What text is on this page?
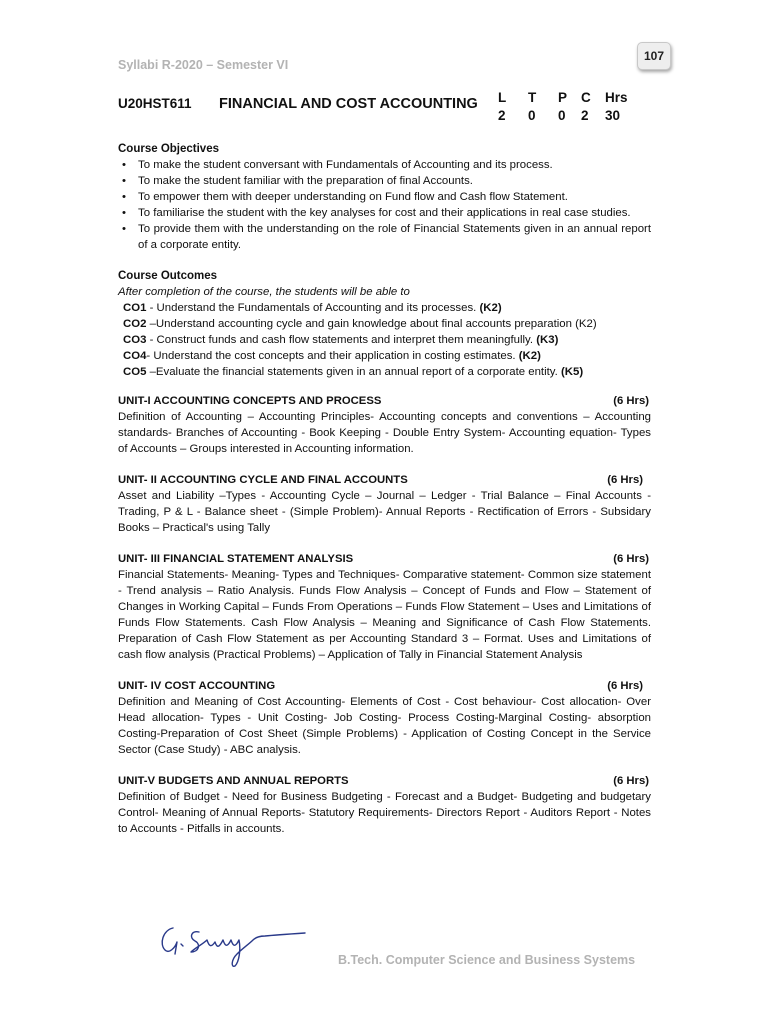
107
Syllabi R-2020 – Semester VI
U20HST611 FINANCIAL AND COST ACCOUNTING L	T	P	C	Hrs
2	0	0	2	30
Course Objectives
• To make the student conversant with Fundamentals of Accounting and its process.
• To make the student familiar with the preparation of final Accounts.
• To empower them with deeper understanding on Fund flow and Cash flow Statement.
• To familiarise the student with the key analyses for cost and their applications in real case studies.
• To provide them with the understanding on the role of Financial Statements given in an annual report of a corporate entity.
Course Outcomes
After completion of the course, the students will be able to
CO1 - Understand the Fundamentals of Accounting and its processes. (K2)
CO2 –Understand accounting cycle and gain knowledge about final accounts preparation (K2)
CO3 - Construct funds and cash flow statements and interpret them meaningfully. (K3)
CO4- Understand the cost concepts and their application in costing estimates. (K2)
CO5 –Evaluate the financial statements given in an annual report of a corporate entity. (K5)
UNIT-I ACCOUNTING CONCEPTS AND PROCESS	(6 Hrs)
Definition of Accounting – Accounting Principles- Accounting concepts and conventions – Accounting standards- Branches of Accounting - Book Keeping - Double Entry System- Accounting equation- Types of Accounts – Groups interested in Accounting information.
UNIT- II ACCOUNTING CYCLE AND FINAL ACCOUNTS	(6 Hrs)
Asset and Liability –Types - Accounting Cycle – Journal – Ledger - Trial Balance – Final Accounts - Trading, P & L - Balance sheet - (Simple Problem)- Annual Reports - Rectification of Errors - Subsidary Books – Practical's using Tally
UNIT- III FINANCIAL STATEMENT ANALYSIS	(6 Hrs)
Financial Statements- Meaning- Types and Techniques- Comparative statement- Common size statement - Trend analysis – Ratio Analysis. Funds Flow Analysis – Concept of Funds and Flow – Statement of Changes in Working Capital – Funds From Operations – Funds Flow Statement – Uses and Limitations of Funds Flow Statements. Cash Flow Analysis – Meaning and Significance of Cash Flow Statements. Preparation of Cash Flow Statement as per Accounting Standard 3 – Format. Uses and Limitations of cash flow analysis (Practical Problems) – Application of Tally in Financial Statement Analysis
UNIT- IV COST ACCOUNTING	(6 Hrs)
Definition and Meaning of Cost Accounting- Elements of Cost - Cost behaviour- Cost allocation- Over Head allocation- Types - Unit Costing- Job Costing- Process Costing-Marginal Costing- absorption Costing-Preparation of Cost Sheet (Simple Problems) - Application of Costing Concept in the Service Sector (Case Study) - ABC analysis.
UNIT-V BUDGETS AND ANNUAL REPORTS	(6 Hrs)
Definition of Budget - Need for Business Budgeting - Forecast and a Budget- Budgeting and budgetary Control- Meaning of Annual Reports- Statutory Requirements- Directors Report - Auditors Report - Notes to Accounts - Pitfalls in accounts.
B.Tech. Computer Science and Business Systems
